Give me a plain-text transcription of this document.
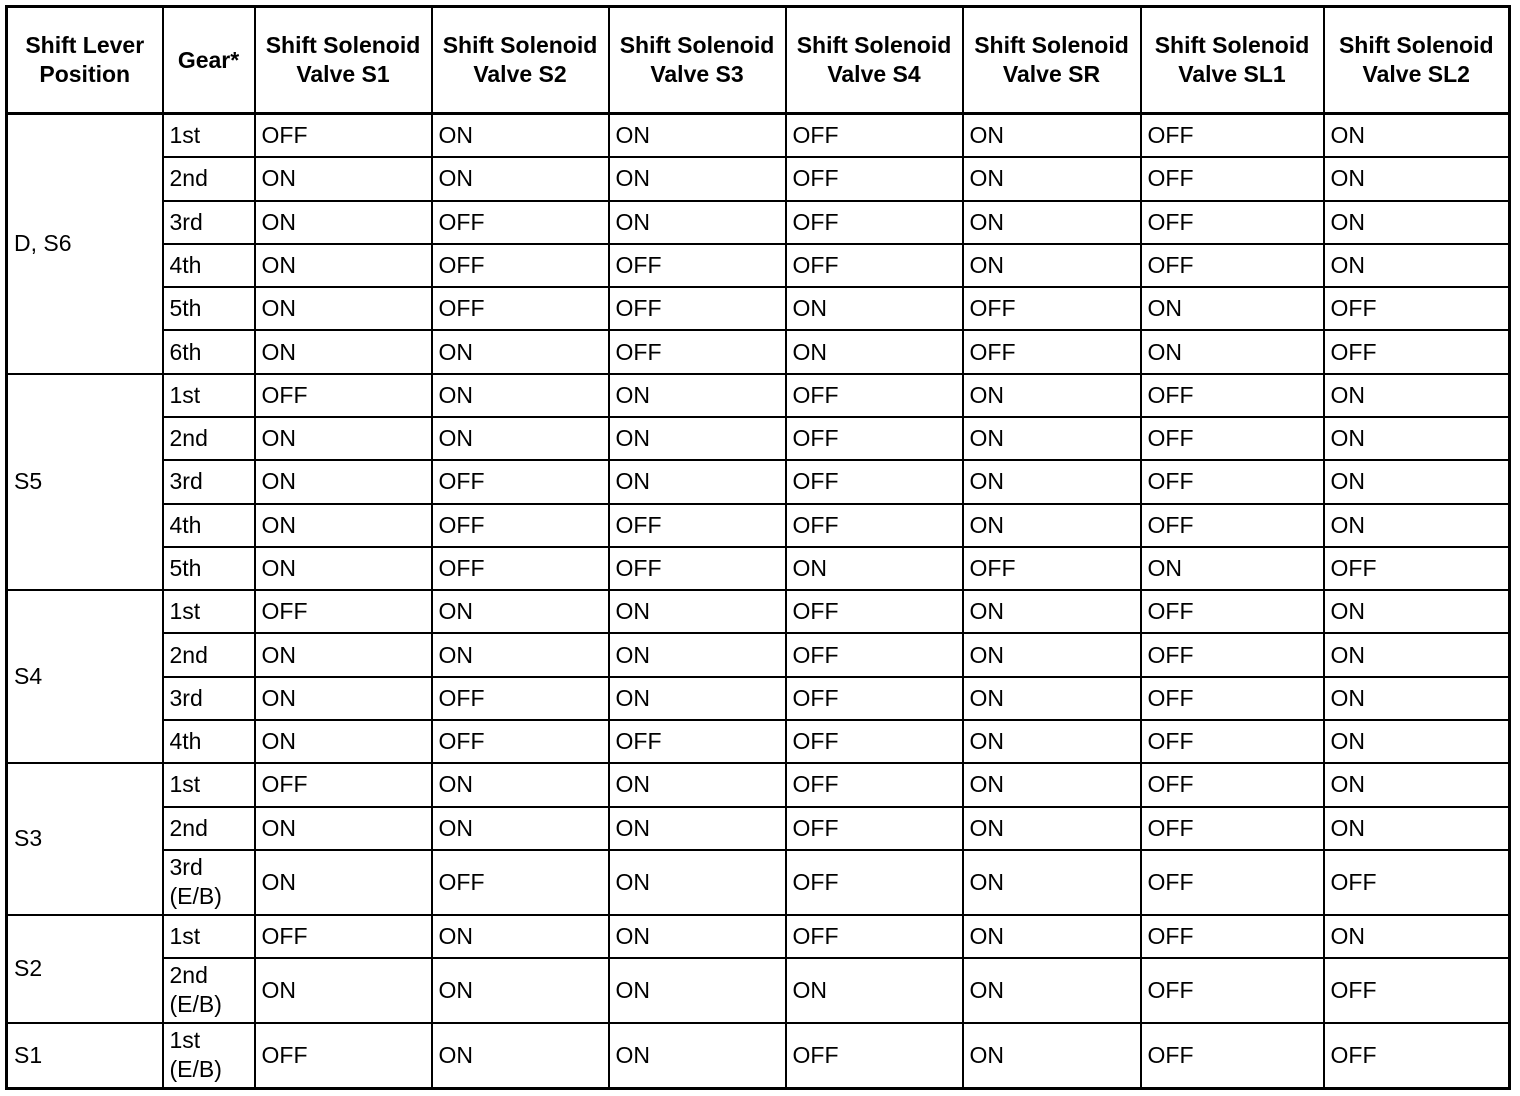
Shift Lever Position	Gear*	Shift Solenoid Valve S1	Shift Solenoid Valve S2	Shift Solenoid Valve S3	Shift Solenoid Valve S4	Shift Solenoid Valve SR	Shift Solenoid Valve SL1	Shift Solenoid Valve SL2
D, S6	1st	OFF	ON	ON	OFF	ON	OFF	ON
	2nd	ON	ON	ON	OFF	ON	OFF	ON
	3rd	ON	OFF	ON	OFF	ON	OFF	ON
	4th	ON	OFF	OFF	OFF	ON	OFF	ON
	5th	ON	OFF	OFF	ON	OFF	ON	OFF
	6th	ON	ON	OFF	ON	OFF	ON	OFF
S5	1st	OFF	ON	ON	OFF	ON	OFF	ON
	2nd	ON	ON	ON	OFF	ON	OFF	ON
	3rd	ON	OFF	ON	OFF	ON	OFF	ON
	4th	ON	OFF	OFF	OFF	ON	OFF	ON
	5th	ON	OFF	OFF	ON	OFF	ON	OFF
S4	1st	OFF	ON	ON	OFF	ON	OFF	ON
	2nd	ON	ON	ON	OFF	ON	OFF	ON
	3rd	ON	OFF	ON	OFF	ON	OFF	ON
	4th	ON	OFF	OFF	OFF	ON	OFF	ON
S3	1st	OFF	ON	ON	OFF	ON	OFF	ON
	2nd	ON	ON	ON	OFF	ON	OFF	ON
	3rd (E/B)	ON	OFF	ON	OFF	ON	OFF	OFF
S2	1st	OFF	ON	ON	OFF	ON	OFF	ON
	2nd (E/B)	ON	ON	ON	ON	ON	OFF	OFF
S1	1st (E/B)	OFF	ON	ON	OFF	ON	OFF	OFF
